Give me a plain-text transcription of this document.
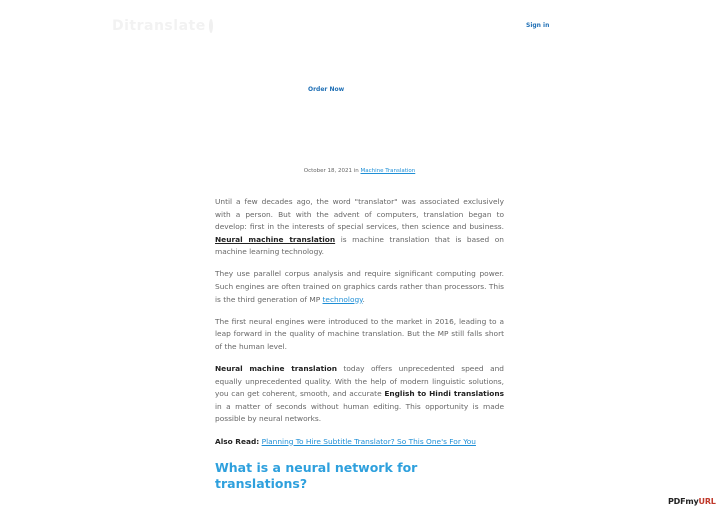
Ditranslate	Sign in
Order Now
October 18, 2021 in Machine Translation

Until a few decades ago, the word "translator" was associated exclusively with a person. But with the advent of computers, translation began to develop: first in the interests of special services, then science and business. Neural machine translation is machine translation that is based on machine learning technology.

They use parallel corpus analysis and require significant computing power. Such engines are often trained on graphics cards rather than processors. This is the third generation of MP technology.

The first neural engines were introduced to the market in 2016, leading to a leap forward in the quality of machine translation. But the MP still falls short of the human level.

Neural machine translation today offers unprecedented speed and equally unprecedented quality. With the help of modern linguistic solutions, you can get coherent, smooth, and accurate English to Hindi translations in a matter of seconds without human editing. This opportunity is made possible by neural networks.

Also Read: Planning To Hire Subtitle Translator? So This One's For You

What is a neural network for translations?
PDFmyURL
